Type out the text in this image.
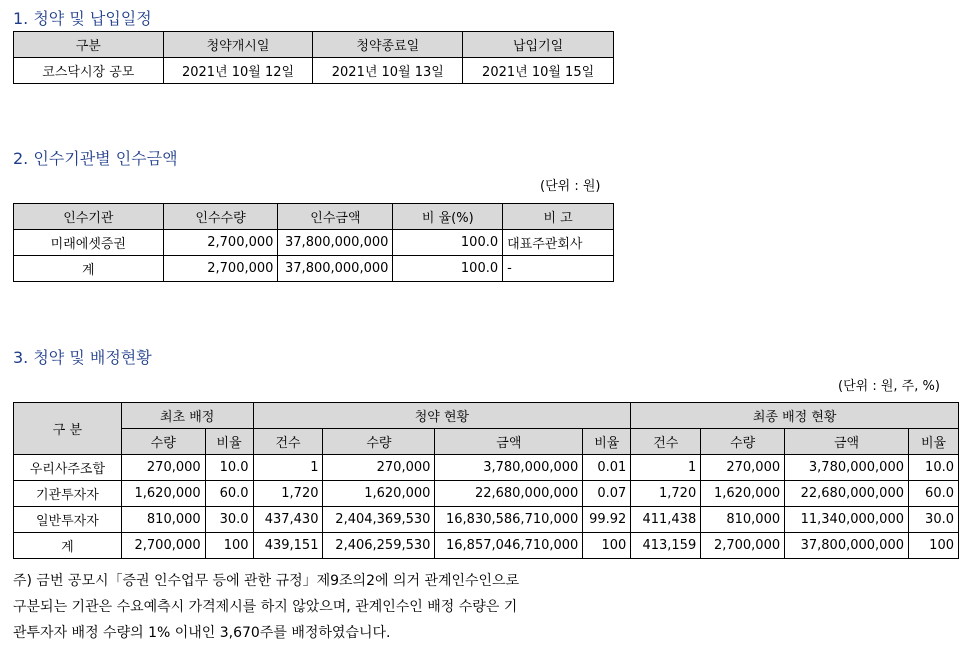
1. 청약 및 납입일정
구분	청약개시일	청약종료일	납입기일
코스닥시장 공모	2021년 10월 12일	2021년 10월 13일	2021년 10월 15일
2. 인수기관별 인수금액
(단위 : 원)
인수기관	인수수량	인수금액	비 율(%)	비 고
미래에셋증권	2,700,000	37,800,000,000	100.0	대표주관회사
계	2,700,000	37,800,000,000	100.0	-
3. 청약 및 배정현황
(단위 : 원, 주, %)
구 분	최초 배정		청약 현황				최종 배정 현황			
	수량	비율	건수	수량	금액	비율	건수	수량	금액	비율
우리사주조합	270,000	10.0	1	270,000	3,780,000,000	0.01	1	270,000	3,780,000,000	10.0
기관투자자	1,620,000	60.0	1,720	1,620,000	22,680,000,000	0.07	1,720	1,620,000	22,680,000,000	60.0
일반투자자	810,000	30.0	437,430	2,404,369,530	16,830,586,710,000	99.92	411,438	810,000	11,340,000,000	30.0
계	2,700,000	100	439,151	2,406,259,530	16,857,046,710,000	100	413,159	2,700,000	37,800,000,000	100
주) 금번 공모시「증권 인수업무 등에 관한 규정」제9조의2에 의거 관계인수인으로
구분되는 기관은 수요예측시 가격제시를 하지 않았으며, 관계인수인 배정 수량은 기
관투자자 배정 수량의 1% 이내인 3,670주를 배정하였습니다.
